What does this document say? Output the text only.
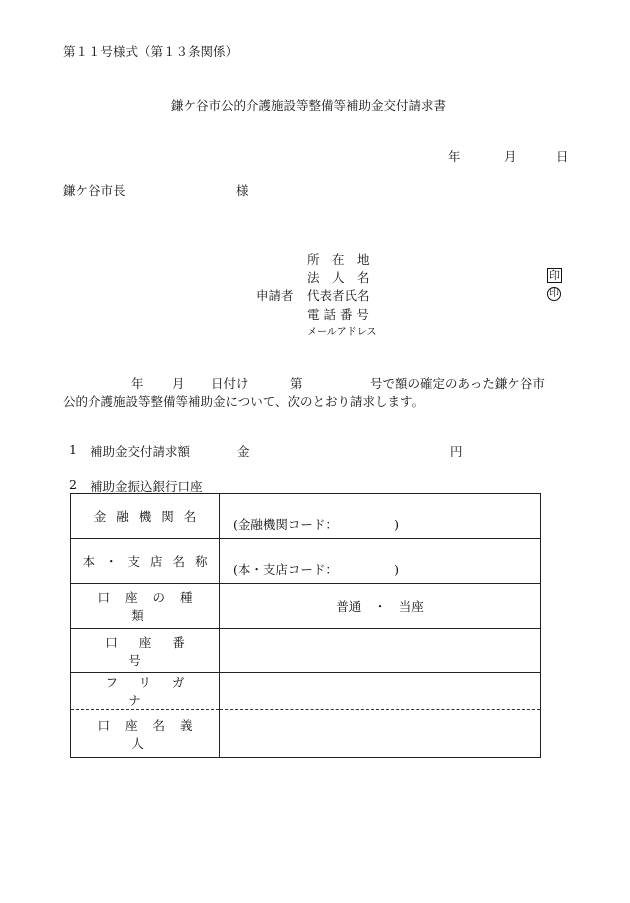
第１１号様式（第１３条関係）
鎌ケ谷市公的介護施設等整備等補助金交付請求書
年	月	日
鎌ケ谷市長	様
所　在　地
法　人　名
申請者 代表者氏名
電 話 番 号
メールアドレス
印
印
年 月 日付け	第	号で額の確定のあった鎌ケ谷市
公的介護施設等整備等補助金について、次のとおり請求します。
1 補助金交付請求額	金	円
2 補助金振込銀行口座
金融機関名	(金融機関コード：　　　　　)
本・支店名称	(本・支店コード：　　　　　)
口座の種類	普通　・　当座
口座番号	
フリガナ	
口座名義人	
